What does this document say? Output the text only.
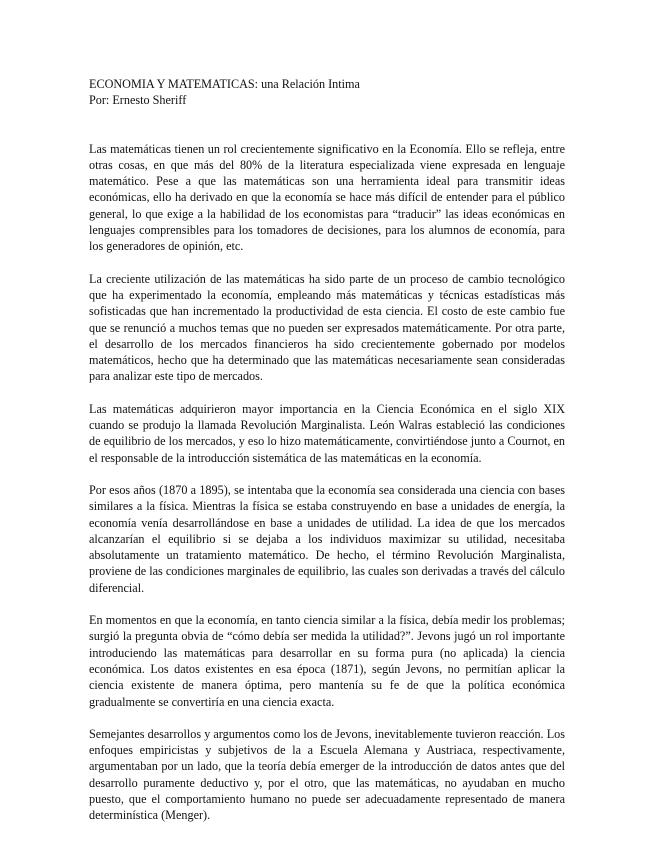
ECONOMIA Y MATEMATICAS: una Relación Intima
Por: Ernesto Sheriff

Las matemáticas tienen un rol crecientemente significativo en la Economía. Ello se refleja, entre otras cosas, en que más del 80% de la literatura especializada viene expresada en lenguaje matemático. Pese a que las matemáticas son una herramienta ideal para transmitir ideas económicas, ello ha derivado en que la economía se hace más difícil de entender para el público general, lo que exige a la habilidad de los economistas para “traducir” las ideas económicas en lenguajes comprensibles para los tomadores de decisiones, para los alumnos de economía, para los generadores de opinión, etc.

La creciente utilización de las matemáticas ha sido parte de un proceso de cambio tecnológico que ha experimentado la economía, empleando más matemáticas y técnicas estadísticas más sofisticadas que han incrementado la productividad de esta ciencia. El costo de este cambio fue que se renunció a muchos temas que no pueden ser expresados matemáticamente. Por otra parte, el desarrollo de los mercados financieros ha sido crecientemente gobernado por modelos matemáticos, hecho que ha determinado que las matemáticas necesariamente sean consideradas para analizar este tipo de mercados.

Las matemáticas adquirieron mayor importancia en la Ciencia Económica en el siglo XIX cuando se produjo la llamada Revolución Marginalista. León Walras estableció las condiciones de equilibrio de los mercados, y eso lo hizo matemáticamente, convirtiéndose junto a Cournot, en el responsable de la introducción sistemática de las matemáticas en la economía.

Por esos años (1870 a 1895), se intentaba que la economía sea considerada una ciencia con bases similares a la física. Mientras la física se estaba construyendo en base a unidades de energía, la economía venía desarrollándose en base a unidades de utilidad. La idea de que los mercados alcanzarían el equilibrio si se dejaba a los individuos maximizar su utilidad, necesitaba absolutamente un tratamiento matemático. De hecho, el término Revolución Marginalista, proviene de las condiciones marginales de equilibrio, las cuales son derivadas a través del cálculo diferencial.

En momentos en que la economía, en tanto ciencia similar a la física, debía medir los problemas; surgió la pregunta obvia de “cómo debía ser medida la utilidad?”. Jevons jugó un rol importante introduciendo las matemáticas para desarrollar en su forma pura (no aplicada) la ciencia económica. Los datos existentes en esa época (1871), según Jevons, no permitían aplicar la ciencia existente de manera óptima, pero mantenía su fe de que la política económica gradualmente se convertiría en una ciencia exacta.

Semejantes desarrollos y argumentos como los de Jevons, inevitablemente tuvieron reacción. Los enfoques empiricistas y subjetivos de la a Escuela Alemana y Austriaca, respectivamente, argumentaban por un lado, que la teoría debía emerger de la introducción de datos antes que del desarrollo puramente deductivo y, por el otro, que las matemáticas, no ayudaban en mucho puesto, que el comportamiento humano no puede ser adecuadamente representado de manera determinística (Menger).
